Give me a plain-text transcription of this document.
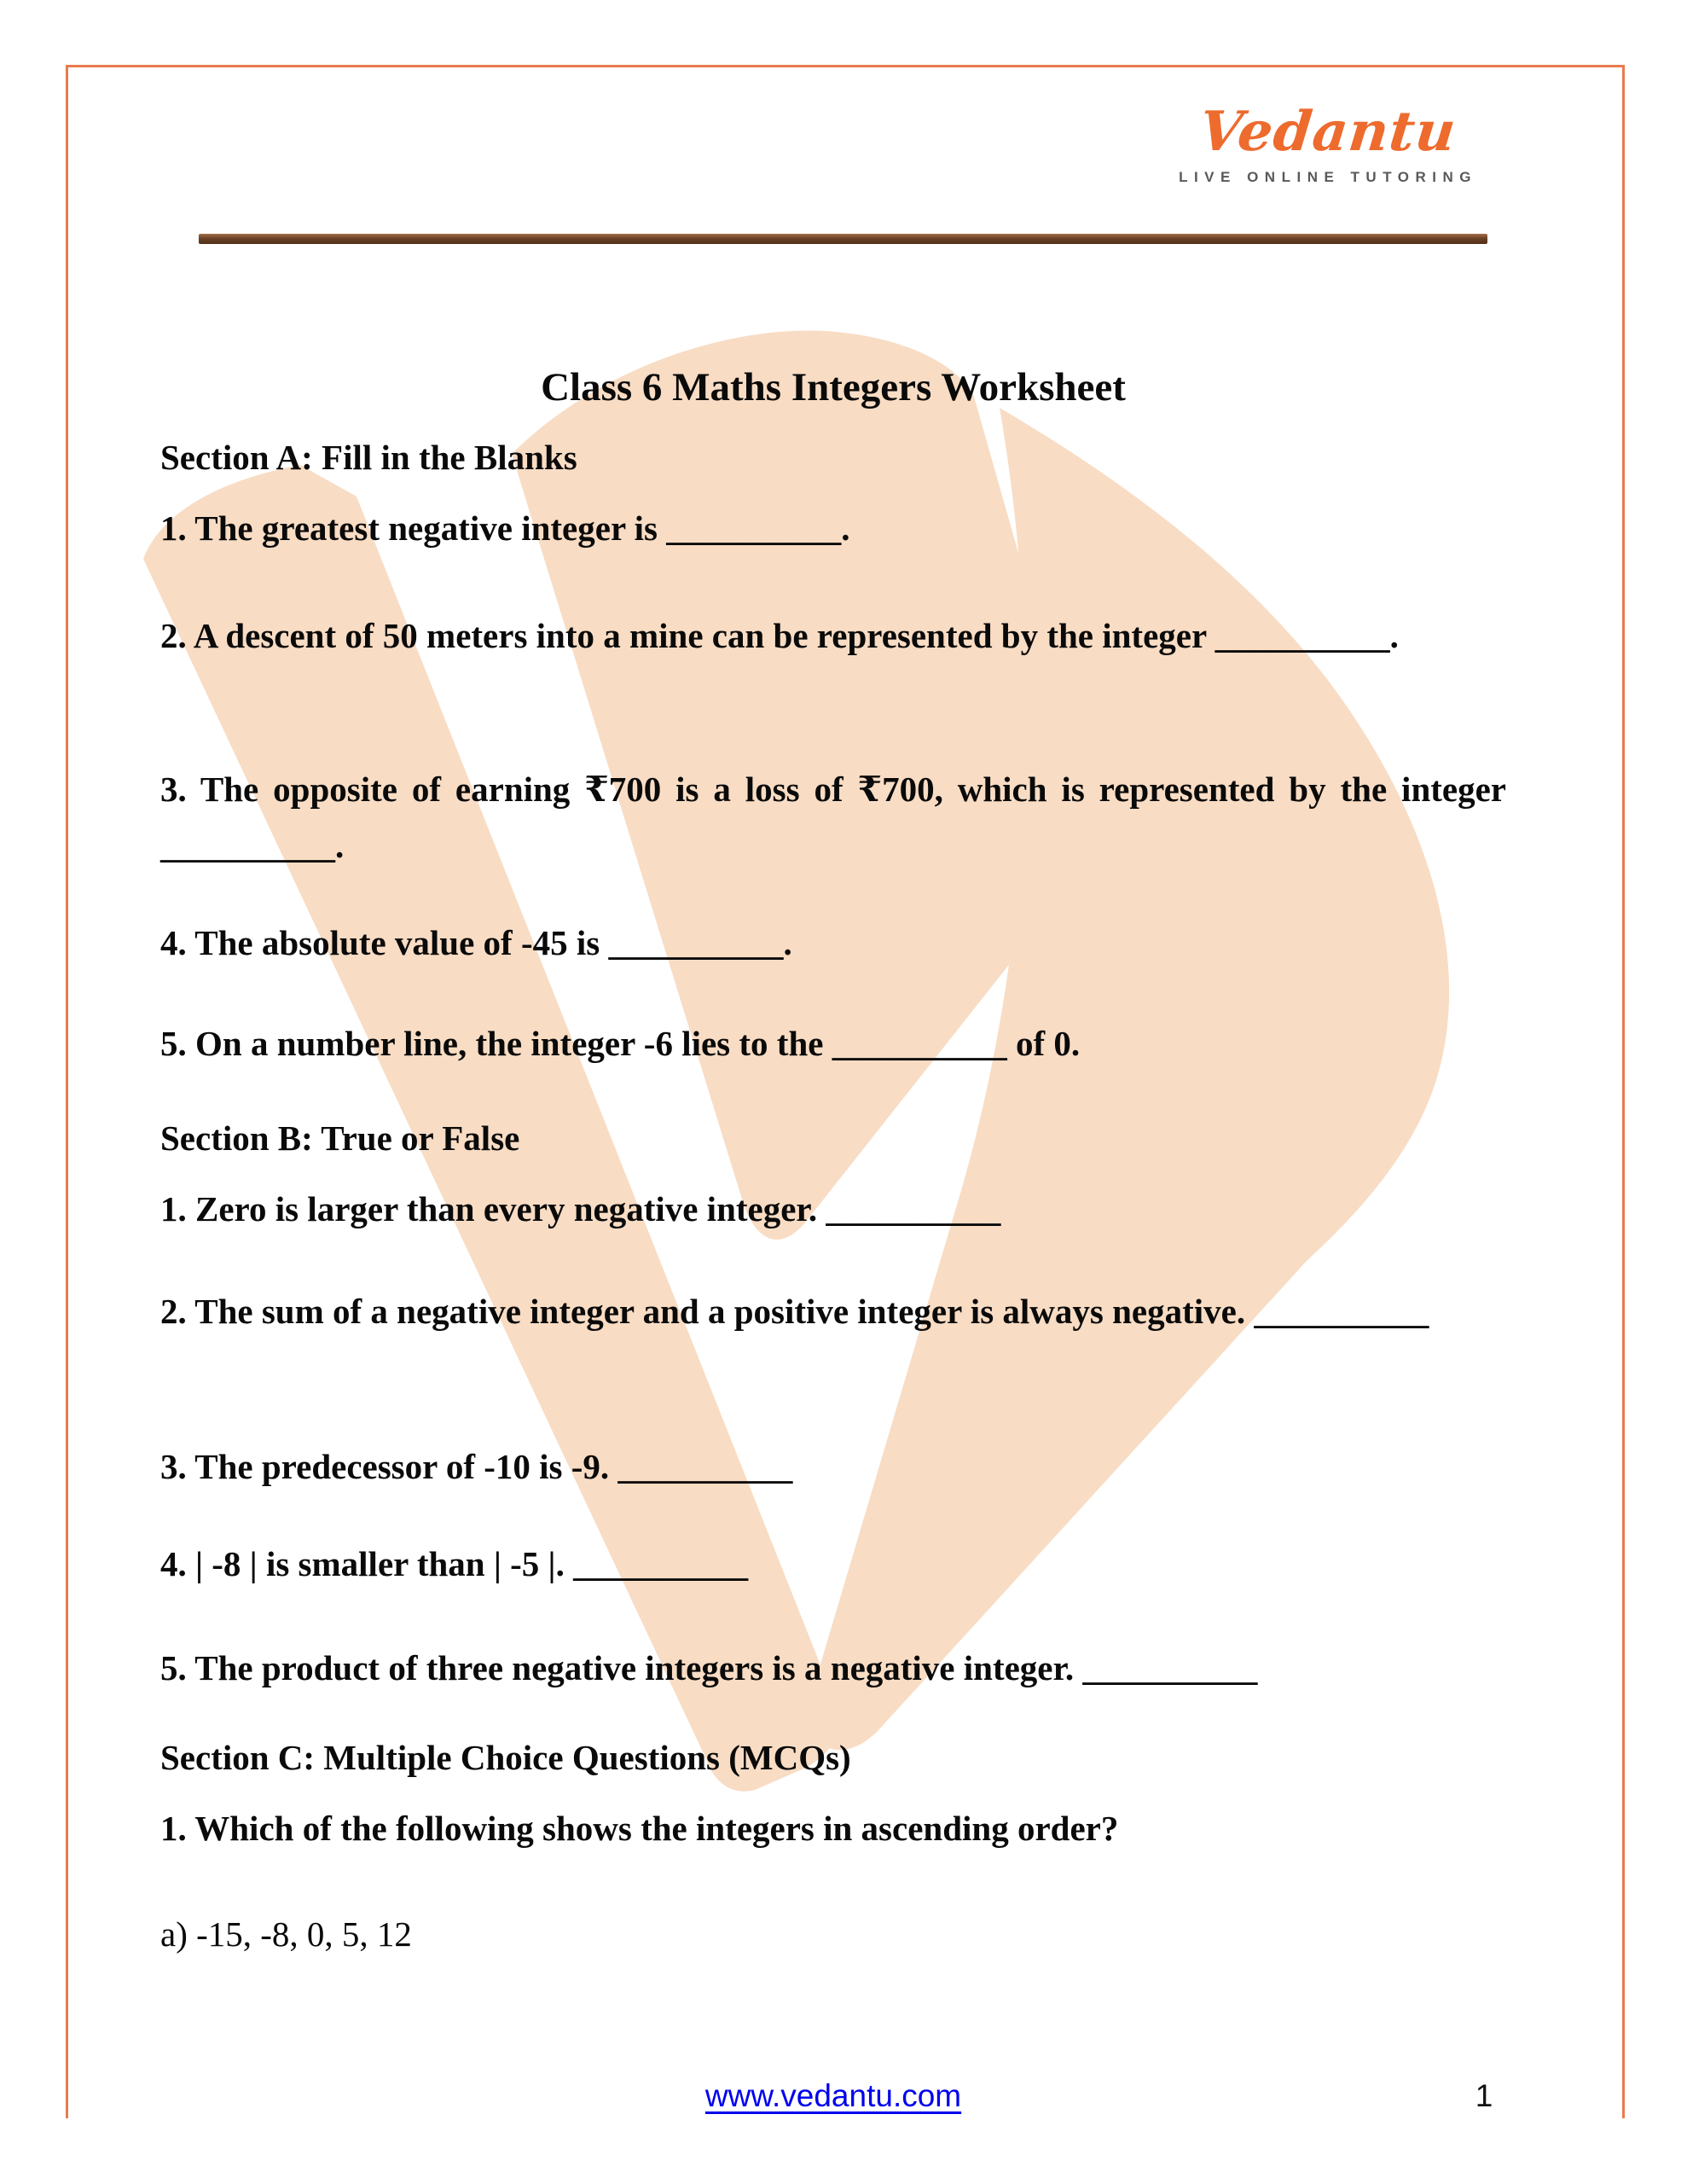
Vedantu
LIVE ONLINE TUTORING
Class 6 Maths Integers Worksheet
Section A: Fill in the Blanks
1. The greatest negative integer is __________.
2. A descent of 50 meters into a mine can be represented by the integer __________.
3. The opposite of earning ₹700 is a loss of ₹700, which is represented by the integer __________.
4. The absolute value of -45 is __________.
5. On a number line, the integer -6 lies to the __________ of 0.
Section B: True or False
1. Zero is larger than every negative integer. __________
2. The sum of a negative integer and a positive integer is always negative. __________
3. The predecessor of -10 is -9. __________
4. | -8 | is smaller than | -5 |. __________
5. The product of three negative integers is a negative integer. __________
Section C: Multiple Choice Questions (MCQs)
1. Which of the following shows the integers in ascending order?
a) -15, -8, 0, 5, 12
www.vedantu.com	1
